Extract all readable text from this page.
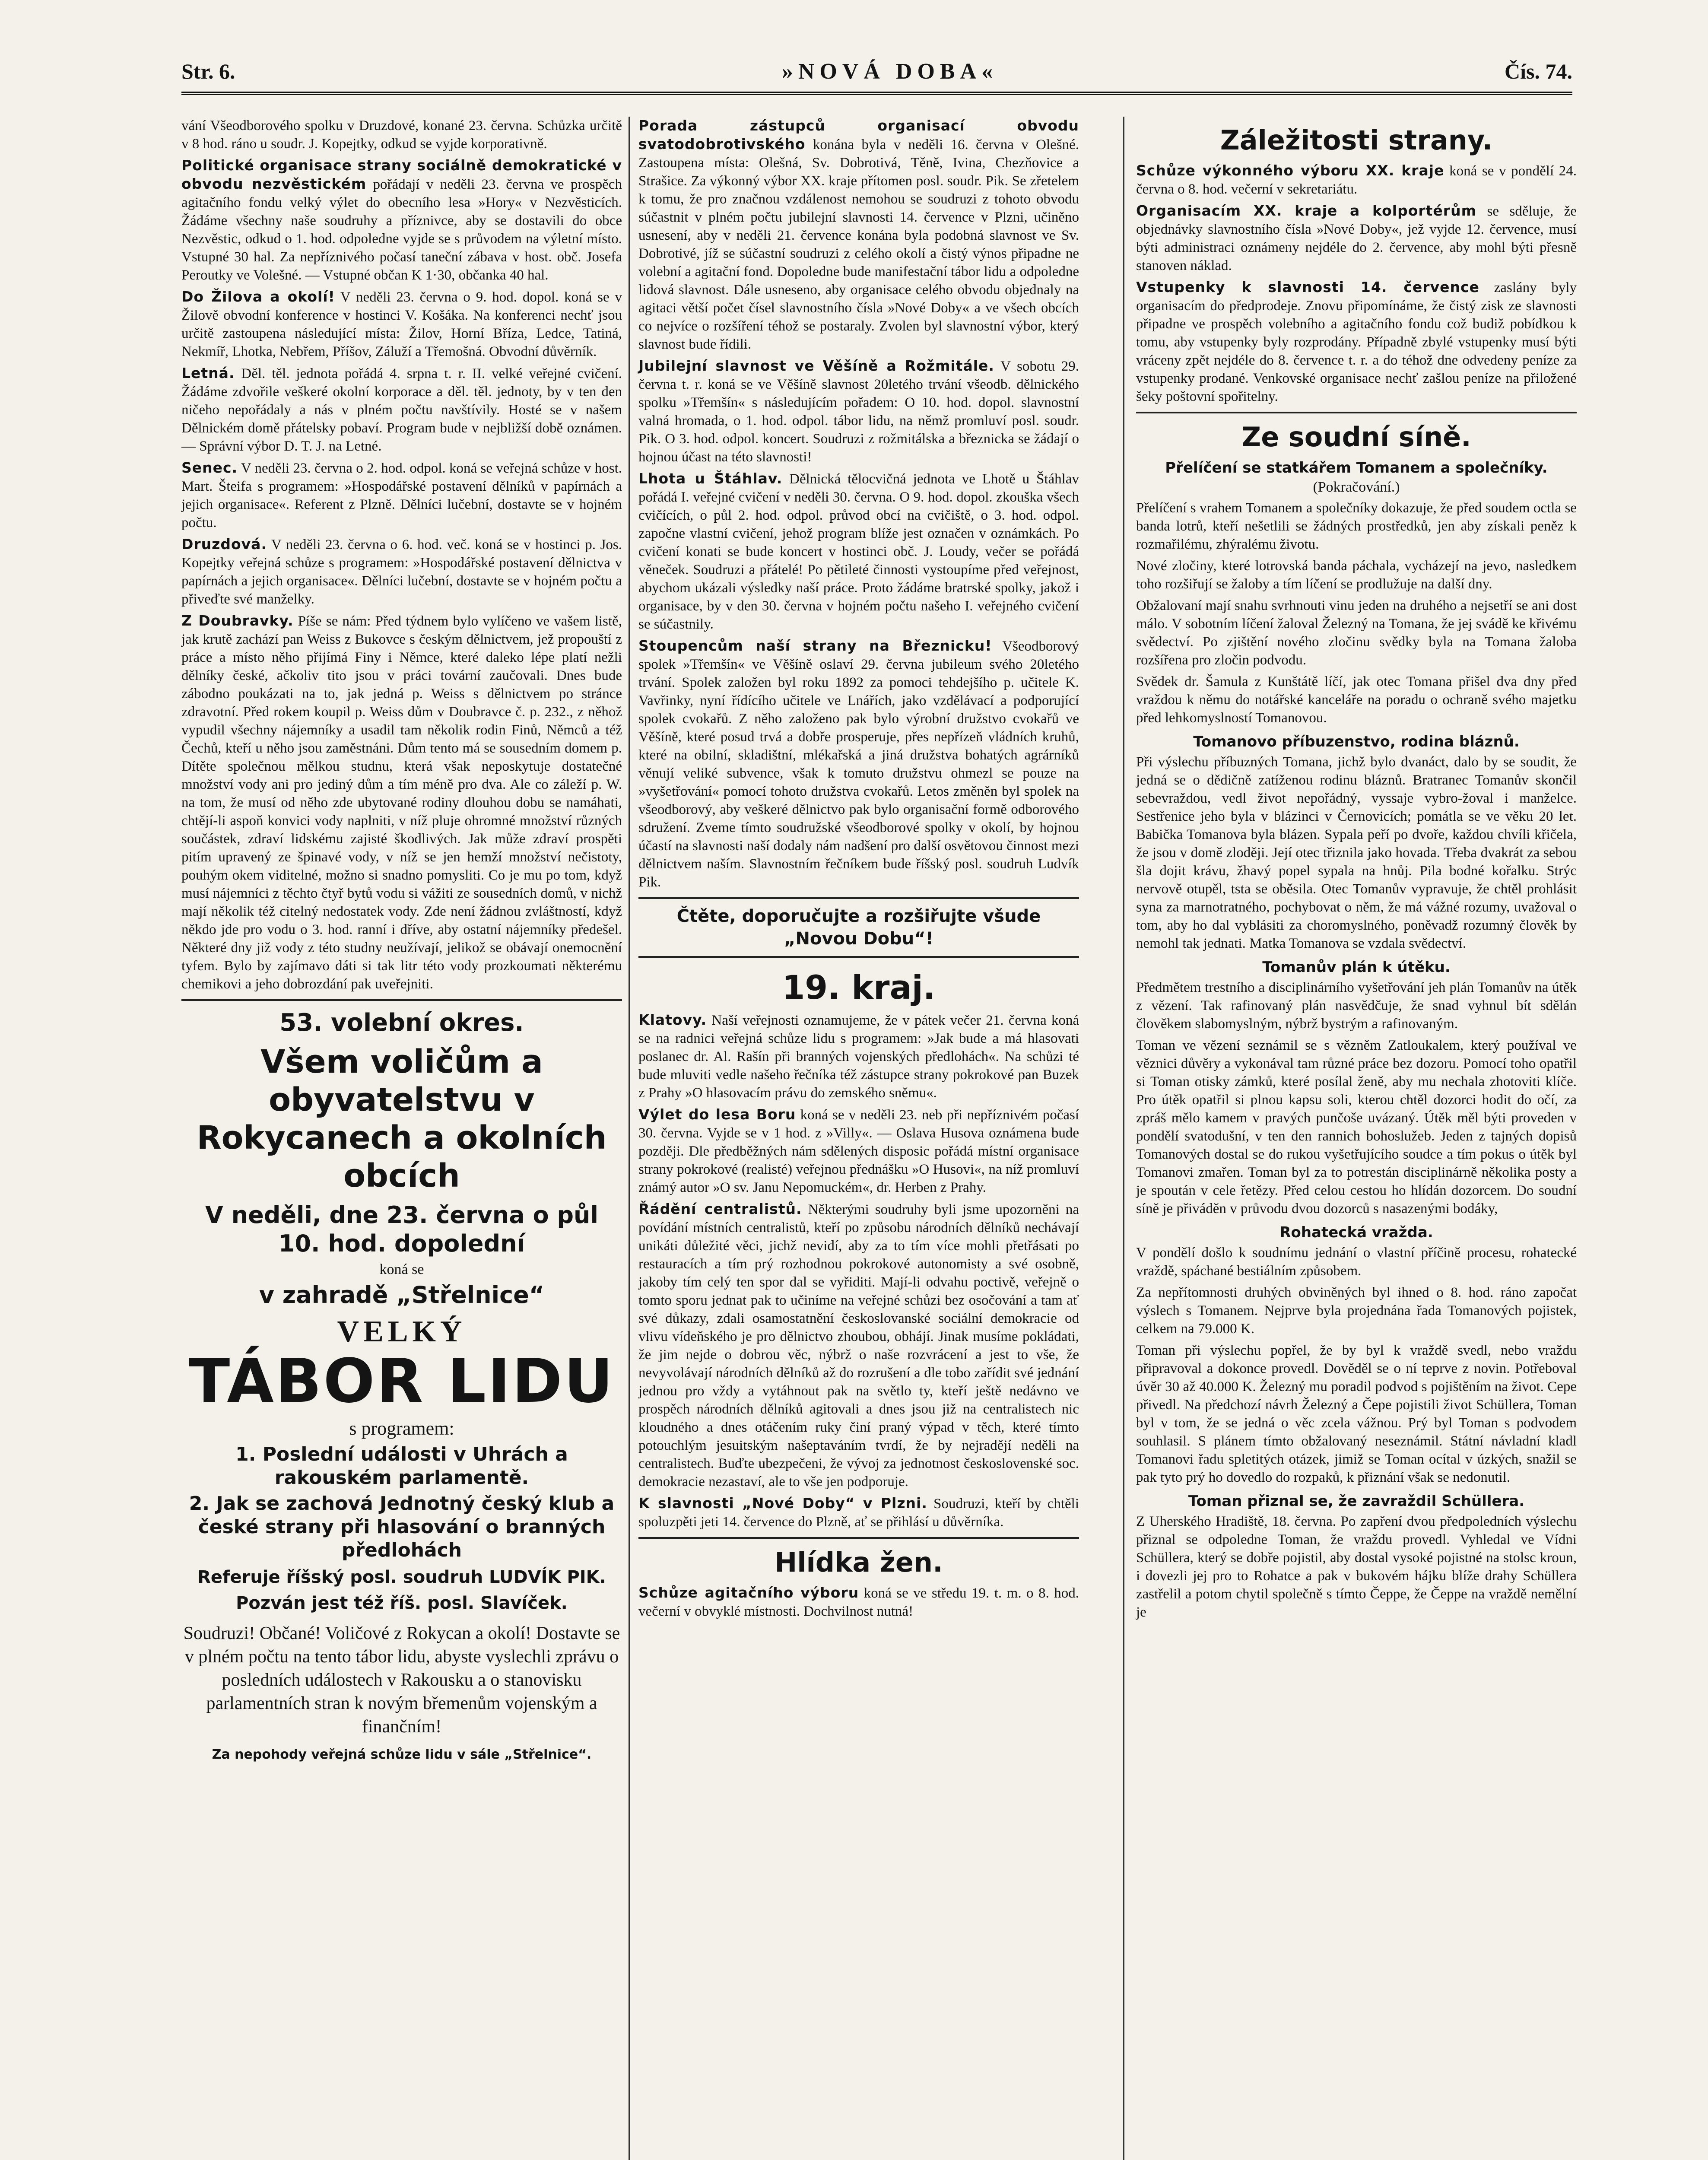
Str. 6.	»NOVÁ DOBA«	Čís. 74.

vání Všeodborového spolku v Druzdové, konané 23. června. Schůzka určitě v 8 hod. ráno u soudr. J. Kopejtky, odkud se vyjde korporativně.

Politické organisace strany sociálně demokratické v obvodu nezvěstickém pořádají v neděli 23. června ve prospěch agitačního fondu velký výlet do obecního lesa »Hory« v Nezvěsticích. Žádáme všechny naše soudruhy a příznivce, aby se dostavili do obce Nezvěstic, odkud o 1. hod. odpoledne vyjde se s průvodem na výletní místo. Vstupné 30 hal. Za nepříznivého počasí taneční zábava v host. obč. Josefa Peroutky ve Volešné. — Vstupné občan K 1·30, občanka 40 hal.

Do Žilova a okolí! V neděli 23. června o 9. hod. dopol. koná se v Žilově obvodní konference v hostinci V. Košáka. Na konferenci nechť jsou určitě zastoupena následující místa: Žilov, Horní Bříza, Ledce, Tatiná, Nekmíř, Lhotka, Nebřem, Příšov, Záluží a Třemošná. Obvodní důvěrník.

Letná. Děl. těl. jednota pořádá 4. srpna t. r. II. velké veřejné cvičení. Žádáme zdvořile veškeré okolní korporace a děl. těl. jednoty, by v ten den ničeho nepořádaly a nás v plném počtu navštívily. Hosté se v našem Dělnickém domě přátelsky pobaví. Program bude v nejbližší době oznámen. — Správní výbor D. T. J. na Letné.

Senec. V neděli 23. června o 2. hod. odpol. koná se veřejná schůze v host. Mart. Šteifa s programem: »Hospodářské postavení dělníků v papírnách a jejich organisace«. Referent z Plzně. Dělníci lučební, dostavte se v hojném počtu.

Druzdová. V neděli 23. června o 6. hod. več. koná se v hostinci p. Jos. Kopejtky veřejná schůze s programem: »Hospodářské postavení dělnictva v papírnách a jejich organisace«. Dělníci lučební, dostavte se v hojném počtu a přiveďte své manželky.

Z Doubravky. Píše se nám: Před týdnem bylo vylíčeno ve vašem listě, jak krutě zachází pan Weiss z Bukovce s českým dělnictvem, jež propouští z práce a místo něho přijímá Finy i Němce, které daleko lépe platí nežli dělníky české, ačkoliv tito jsou v práci tovární zaučovali. Dnes bude zábodno poukázati na to, jak jedná p. Weiss s dělnictvem po stránce zdravotní. Před rokem koupil p. Weiss dům v Doubravce č. p. 232., z něhož vypudil všechny nájemníky a usadil tam několik rodin Finů, Němců a též Čechů, kteří u něho jsou zaměstnáni. Dům tento má se sousedním domem p. Dítěte společnou mělkou studnu, která však neposkytuje dostatečné množství vody ani pro jediný dům a tím méně pro dva. Ale co záleží p. W. na tom, že musí od něho zde ubytované rodiny dlouhou dobu se namáhati, chtějí-li aspoň konvici vody naplniti, v níž pluje ohromné množství různých součástek, zdraví lidskému zajisté škodlivých. Jak může zdraví prospěti pitím upravený ze špinavé vody, v níž se jen hemží množství nečistoty, pouhým okem viditelné, možno si snadno pomysliti. Co je mu po tom, když musí nájemníci z těchto čtyř bytů vodu si vážiti ze sousedních domů, v nichž mají několik též citelný nedostatek vody. Zde není žádnou zvláštností, když někdo jde pro vodu o 3. hod. ranní i dříve, aby ostatní nájemníky předešel. Některé dny již vody z této studny neužívají, jelikož se obávají onemocnění tyfem. Bylo by zajímavo dáti si tak litr této vody prozkoumati některému chemikovi a jeho dobrozdání pak uveřejniti.

53. volební okres.
Všem voličům a obyvatelstvu v Rokycanech a okolních obcích
V neděli, dne 23. června o půl 10. hod. dopolední
koná se
v zahradě „Střelnice“
VELKÝ
TÁBOR LIDU
s programem:
1. Poslední události v Uhrách a rakouském parlamentě.
2. Jak se zachová Jednotný český klub a české strany při hlasování o branných předlohách
Referuje říšský posl. soudruh LUDVÍK PIK.
Pozván jest též říš. posl. Slavíček.
Soudruzi! Občané! Voličové z Rokycan a okolí! Dostavte se v plném počtu na tento tábor lidu, abyste vyslechli zprávu o posledních událostech v Rakousku a o stanovisku parlamentních stran k novým břemenům vojenským a finančním!
Za nepohody veřejná schůze lidu v sále „Střelnice“.

Porada zástupců organisací obvodu svatodobrotivského konána byla v neděli 16. června v Olešné. Zastoupena místa: Olešná, Sv. Dobrotivá, Těně, Ivina, Chezňovice a Strašice. Za výkonný výbor XX. kraje přítomen posl. soudr. Pik. Se zřetelem k tomu, že pro značnou vzdálenost nemohou se soudruzi z tohoto obvodu súčastnit v plném počtu jubilejní slavnosti 14. července v Plzni, učiněno usnesení, aby v neděli 21. července konána byla podobná slavnost ve Sv. Dobrotivé, jíž se súčastní soudruzi z celého okolí a čistý výnos připadne ne volební a agitační fond. Dopoledne bude manifestační tábor lidu a odpoledne lidová slavnost. Dále usneseno, aby organisace celého obvodu objednaly na agitaci větší počet čísel slavnostního čísla »Nové Doby« a ve všech obcích co nejvíce o rozšíření téhož se postaraly. Zvolen byl slavnostní výbor, který slavnost bude řídili.

Jubilejní slavnost ve Věšíně a Rožmitále. V sobotu 29. června t. r. koná se ve Věšíně slavnost 20letého trvání všeodb. dělnického spolku »Třemšín« s následujícím pořadem: O 10. hod. dopol. slavnostní valná hromada, o 1. hod. odpol. tábor lidu, na němž promluví posl. soudr. Pik. O 3. hod. odpol. koncert. Soudruzi z rožmitálska a březnicka se žádají o hojnou účast na této slavnosti!

Lhota u Štáhlav. Dělnická tělocvičná jednota ve Lhotě u Štáhlav pořádá I. veřejné cvičení v neděli 30. června. O 9. hod. dopol. zkouška všech cvičících, o půl 2. hod. odpol. průvod obcí na cvičiště, o 3. hod. odpol. započne vlastní cvičení, jehož program blíže jest označen v oznámkách. Po cvičení konati se bude koncert v hostinci obč. J. Loudy, večer se pořádá věneček. Soudruzi a přátelé! Po pětileté činnosti vystoupíme před veřejnost, abychom ukázali výsledky naší práce. Proto žádáme bratrské spolky, jakož i organisace, by v den 30. června v hojném počtu našeho I. veřejného cvičení se súčastnily.

Stoupencům naší strany na Březnicku! Všeodborový spolek »Třemšín« ve Věšíně oslaví 29. června jubileum svého 20letého trvání. Spolek založen byl roku 1892 za pomoci tehdejšího p. učitele K. Vavřinky, nyní řídícího učitele ve Lnářích, jako vzdělávací a podporující spolek cvokařů. Z něho založeno pak bylo výrobní družstvo cvokařů ve Věšíně, které posud trvá a dobře prosperuje, přes nepřízeň vládních kruhů, které na obilní, skladištní, mlékařská a jiná družstva bohatých agrárníků věnují veliké subvence, však k tomuto družstvu ohmezl se pouze na »vyšetřování« pomocí tohoto družstva cvokařů. Letos změněn byl spolek na všeodborový, aby veškeré dělnictvo pak bylo organisační formě odborového sdružení. Zveme tímto soudružské všeodborové spolky v okolí, by hojnou účastí na slavnosti naší dodaly nám nadšení pro další osvětovou činnost mezi dělnictvem naším. Slavnostním řečníkem bude říšský posl. soudruh Ludvík Pik.

Čtěte, doporučujte a rozšiřujte všude „Novou Dobu“!
19. kraj.

Klatovy. Naší veřejnosti oznamujeme, že v pátek večer 21. června koná se na radnici veřejná schůze lidu s programem: »Jak bude a má hlasovati poslanec dr. Al. Rašín při branných vojenských předlohách«. Na schůzi té bude mluviti vedle našeho řečníka též zástupce strany pokrokové pan Buzek z Prahy »O hlasovacím právu do zemského sněmu«.

Výlet do lesa Boru koná se v neděli 23. neb při nepříznivém počasí 30. června. Vyjde se v 1 hod. z »Villy«. — Oslava Husova oznámena bude později. Dle předběžných nám sdělených disposic pořádá místní organisace strany pokrokové (realisté) veřejnou přednášku »O Husovi«, na níž promluví známý autor »O sv. Janu Nepomuckém«, dr. Herben z Prahy.

Řádění centralistů. Některými soudruhy byli jsme upozorněni na povídání místních centralistů, kteří po způsobu národních dělníků nechávají unikáti důležité věci, jichž nevidí, aby za to tím více mohli přetřásati po restauracích a tím prý rozhodnou pokrokové autonomisty a své osobně, jakoby tím celý ten spor dal se vyřiditi. Mají-li odvahu poctivě, veřejně o tomto sporu jednat pak to učiníme na veřejné schůzi bez osočování a tam ať své důkazy, zdali osamostatnění českoslovanské sociální demokracie od vlivu vídeňského je pro dělnictvo zhoubou, obhájí. Jinak musíme pokládati, že jim nejde o dobrou věc, nýbrž o naše rozvrácení a jest to vše, že nevyvolávají národních dělníků až do rozrušení a dle tobo zařídit své jednání jednou pro vždy a vytáhnout pak na světlo ty, kteří ještě nedávno ve prospěch národních dělníků agitovali a dnes jsou již na centralistech nic kloudného a dnes otáčením ruky činí praný výpad v těch, které tímto potouchlým jesuitským našeptaváním tvrdí, že by nejradějí neděli na centralistech. Buďte ubezpečeni, že vývoj za jednotnost československé soc. demokracie nezastaví, ale to vše jen podporuje.

K slavnosti „Nové Doby“ v Plzni. Soudruzi, kteří by chtěli spoluzpěti jeti 14. července do Plzně, ať se přihlásí u důvěrníka.

Hlídka žen.

Schůze agitačního výboru koná se ve středu 19. t. m. o 8. hod. večerní v obvyklé místnosti. Dochvilnost nutná!

Záležitosti strany.

Schůze výkonného výboru XX. kraje koná se v pondělí 24. června o 8. hod. večerní v sekretariátu.

Organisacím XX. kraje a kolportérům se sděluje, že objednávky slavnostního čísla »Nové Doby«, jež vyjde 12. července, musí býti administraci oznámeny nejdéle do 2. července, aby mohl býti přesně stanoven náklad.

Vstupenky k slavnosti 14. července zaslány byly organisacím do předprodeje. Znovu připomínáme, že čistý zisk ze slavnosti připadne ve prospěch volebního a agitačního fondu což budiž pobídkou k tomu, aby vstupenky byly rozprodány. Případně zbylé vstupenky musí býti vráceny zpět nejdéle do 8. července t. r. a do téhož dne odvedeny peníze za vstupenky prodané. Venkovské organisace nechť zašlou peníze na přiložené šeky poštovní spořitelny.

Ze soudní síně.
Přelíčení se statkářem Tomanem a společníky.
(Pokračování.)

Přelíčení s vrahem Tomanem a společníky dokazuje, že před soudem octla se banda lotrů, kteří nešetlili se žádných prostředků, jen aby získali peněz k rozmařilému, zhýralému životu.

Nové zločiny, které lotrovská banda páchala, vycházejí na jevo, nasledkem toho rozšiřují se žaloby a tím líčení se prodlužuje na další dny.

Obžalovaní mají snahu svrhnouti vinu jeden na druhého a nejsetří se ani dost málo. V sobotním líčení žaloval Železný na Tomana, že jej svádě ke křivému svědectví. Po zjištění nového zločinu svědky byla na Tomana žaloba rozšířena pro zločin podvodu.

Svědek dr. Šamula z Kunštátě líčí, jak otec Tomana přišel dva dny před vraždou k němu do notářské kanceláře na poradu o ochraně svého majetku před lehkomyslností Tomanovou.

Tomanovo příbuzenstvo, rodina bláznů.

Při výslechu příbuzných Tomana, jichž bylo dvanáct, dalo by se soudit, že jedná se o dědičně zatíženou rodinu bláznů. Bratranec Tomanův skončil sebevraždou, vedl život nepořádný, vyssaje vybro-žoval i manželce. Sestřenice jeho byla v blázinci v Černovicích; pomátla se ve věku 20 let. Babička Tomanova byla blázen. Sypala peří po dvoře, každou chvíli křičela, že jsou v domě zloději. Její otec třiznila jako hovada. Třeba dvakrát za sebou šla dojit krávu, žhavý popel sypala na hnůj. Pila bodné kořalku. Strýc nervově otupěl, tsta se oběsila. Otec Tomanův vypravuje, že chtěl prohlásit syna za marnotratného, pochybovat o něm, že má vážné rozumy, uvažoval o tom, aby ho dal vyblásiti za choromyslného, poněvadž rozumný člověk by nemohl tak jednati. Matka Tomanova se vzdala svědectví.

Tomanův plán k útěku.

Předmětem trestního a disciplinárního vyšetřování jeh plán Tomanův na útěk z vězení. Tak rafinovaný plán nasvědčuje, že snad vyhnul bít sdělán člověkem slabomyslným, nýbrž bystrým a rafinovaným.

Toman ve vězení seznámil se s vězněm Zatloukalem, který používal ve věznici důvěry a vykonával tam různé práce bez dozoru. Pomocí toho opatřil si Toman otisky zámků, které posílal ženě, aby mu nechala zhotoviti klíče. Pro útěk opatřil si plnou kapsu soli, kterou chtěl dozorci hodit do očí, za zpráš mělo kamem v pravých punčoše uvázaný. Útěk měl býti proveden v pondělí svatodušní, v ten den rannich bohoslužeb. Jeden z tajných dopisů Tomanových dostal se do rukou vyšetřujícího soudce a tím pokus o útěk byl Tomanovi zmařen. Toman byl za to potrestán disciplinárně několika posty a je spoután v cele řetězy. Před celou cestou ho hlídán dozorcem. Do soudní síně je přiváděn v průvodu dvou dozorců s nasazenými bodáky,

Rohatecká vražda.

V pondělí došlo k soudnímu jednání o vlastní příčině procesu, rohatecké vraždě, spáchané bestiálním způsobem.

Za nepřítomnosti druhých obviněných byl ihned o 8. hod. ráno započat výslech s Tomanem. Nejprve byla projednána řada Tomanových pojistek, celkem na 79.000 K.

Toman při výslechu popřel, že by byl k vraždě svedl, nebo vraždu připravoval a dokonce provedl. Dověděl se o ní teprve z novin. Potřeboval úvěr 30 až 40.000 K. Železný mu poradil podvod s pojištěním na život. Cepe přivedl. Na předchozí návrh Železný a Čepe pojistili život Schüllera, Toman byl v tom, že se jedná o věc zcela vážnou. Prý byl Toman s podvodem souhlasil. S plánem tímto obžalovaný neseznámil. Státní návladní kladl Tomanovi řadu spletitých otázek, jimiž se Toman ocítal v úzkých, snažil se pak tyto prý ho dovedlo do rozpaků, k přiznání však se nedonutil.

Toman přiznal se, že zavraždil Schüllera.

Z Uherského Hradiště, 18. června. Po zapření dvou předpoledních výslechu přiznal se odpoledne Toman, že vraždu provedl. Vyhledal ve Vídni Schüllera, který se dobře pojistil, aby dostal vysoké pojistné na stolsc kroun, i dovezli jej pro to Rohatce a pak v bukovém hájku blíže drahy Schüllera zastřelil a potom chytil společně s tímto Čeppe, že Čeppe na vraždě nemělní je
